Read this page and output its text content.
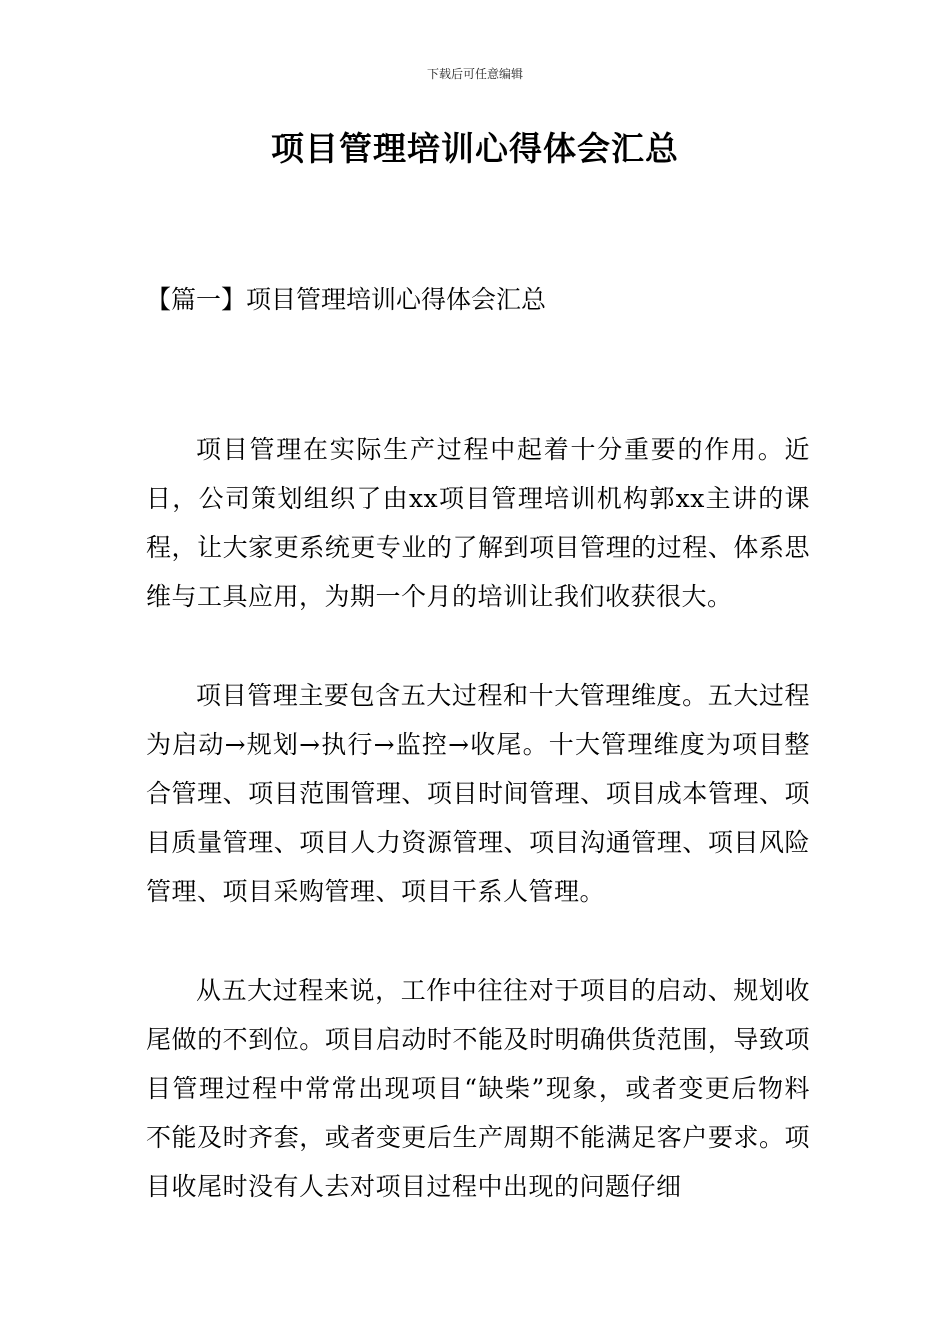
下载后可任意编辑
项目管理培训心得体会汇总
【篇一】项目管理培训心得体会汇总

项目管理在实际生产过程中起着十分重要的作用。近日，公司策划组织了由xx项目管理培训机构郭xx主讲的课程，让大家更系统更专业的了解到项目管理的过程、体系思维与工具应用，为期一个月的培训让我们收获很大。

项目管理主要包含五大过程和十大管理维度。五大过程为启动→规划→执行→监控→收尾。十大管理维度为项目整合管理、项目范围管理、项目时间管理、项目成本管理、项目质量管理、项目人力资源管理、项目沟通管理、项目风险管理、项目采购管理、项目干系人管理。

从五大过程来说，工作中往往对于项目的启动、规划收尾做的不到位。项目启动时不能及时明确供货范围，导致项目管理过程中常常出现项目“缺柴”现象，或者变更后物料不能及时齐套，或者变更后生产周期不能满足客户要求。项目收尾时没有人去对项目过程中出现的问题仔细
